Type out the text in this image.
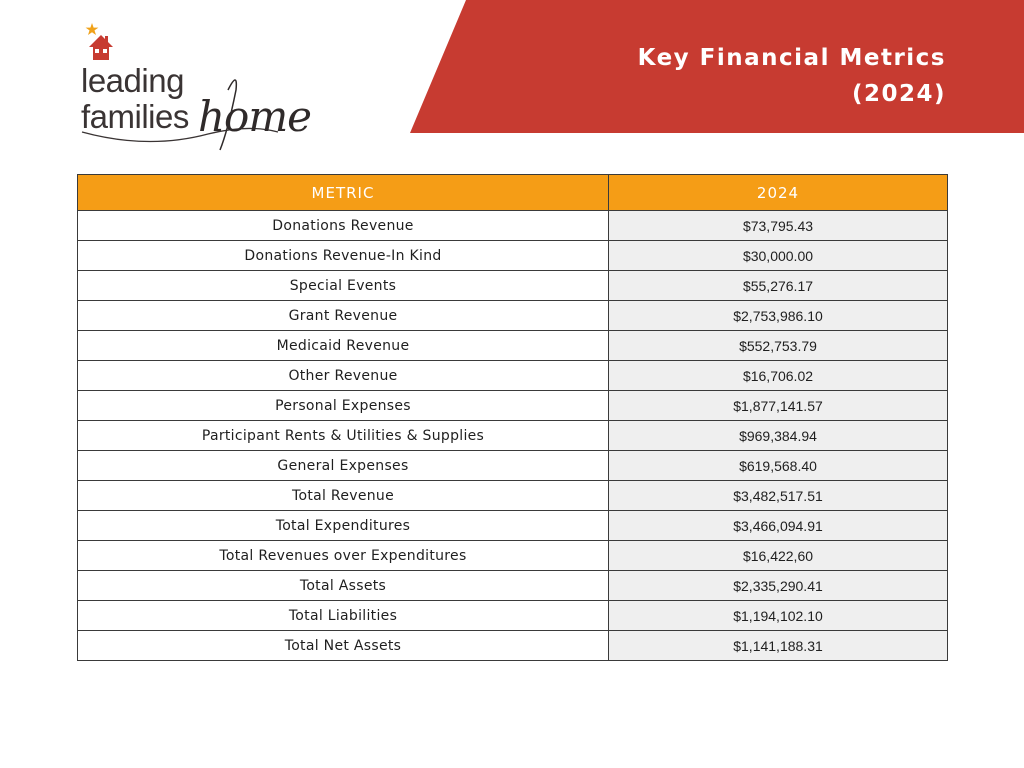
leading
families home
Key Financial Metrics
(2024)
METRIC	2024
Donations Revenue	$73,795.43
Donations Revenue-In Kind	$30,000.00
Special Events	$55,276.17
Grant Revenue	$2,753,986.10
Medicaid Revenue	$552,753.79
Other Revenue	$16,706.02
Personal Expenses	$1,877,141.57
Participant Rents & Utilities & Supplies	$969,384.94
General Expenses	$619,568.40
Total Revenue	$3,482,517.51
Total Expenditures	$3,466,094.91
Total Revenues over Expenditures	$16,422,60
Total Assets	$2,335,290.41
Total Liabilities	$1,194,102.10
Total Net Assets	$1,141,188.31
